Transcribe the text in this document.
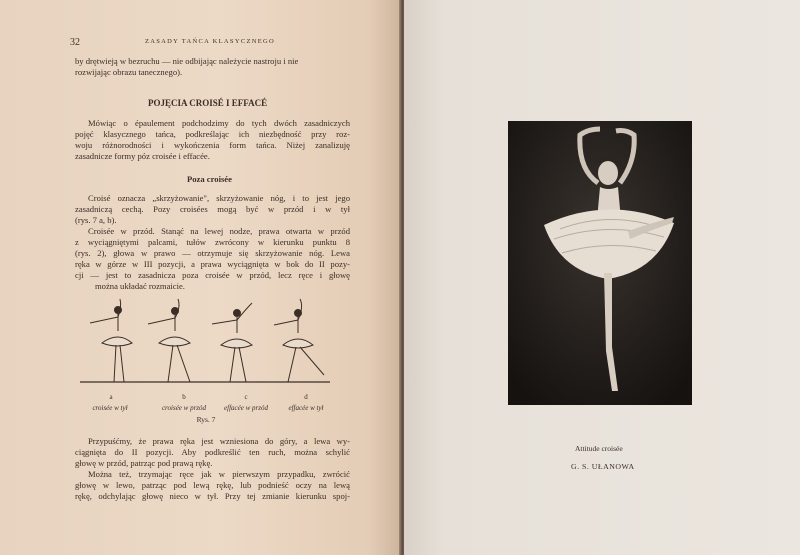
32	ZASADY TAŃCA KLASYCZNEGO
by drętwieją w bezruchu — nie odbijając należycie nastroju i nie
rozwijając obrazu tanecznego).
POJĘCIA CROISÉ I EFFACÉ
Mówiąc o épaulement podchodzimy do tych dwóch zasadniczych
pojęć klasycznego tańca, podkreślając ich niezbędność przy roz-
woju różnorodności i wykończenia form tańca. Niżej zanalizuję
zasadnicze formy póz croisée i effacée.
Poza croisée
Croisé oznacza „skrzyżowanie", skrzyżowanie nóg, i to jest jego
zasadniczą cechą. Pozy croisées mogą być w przód i w tył
(rys. 7 a, b).
Croisée w przód. Stanąć na lewej nodze, prawa otwarta w przód
z wyciągniętymi palcami, tułów zwrócony w kierunku punktu 8
(rys. 2), głowa w prawo — otrzymuje się skrzyżowanie nóg. Lewa
ręka w górze w III pozycji, a prawa wyciągnięta w bok do II pozy-
cji — jest to zasadnicza poza croisée w przód, lecz ręce i głowę
można układać rozmaicie.
a	b	c	d
croisée w tył	croisée w przód	effacée w przód	effacée w tył
Rys. 7
Przypuśćmy, że prawa ręka jest wzniesiona do góry, a lewa wy-
ciągnięta do II pozycji. Aby podkreślić ten ruch, można schylić
głowę w przód, patrząc pod prawą rękę.
Można też, trzymając ręce jak w pierwszym przypadku, zwrócić
głowę w lewo, patrząc pod lewą rękę, lub podnieść oczy na lewą
rękę, odchylając głowę nieco w tył. Przy tej zmianie kierunku spoj-
Attitude croisée
G. S. UŁANOWA
